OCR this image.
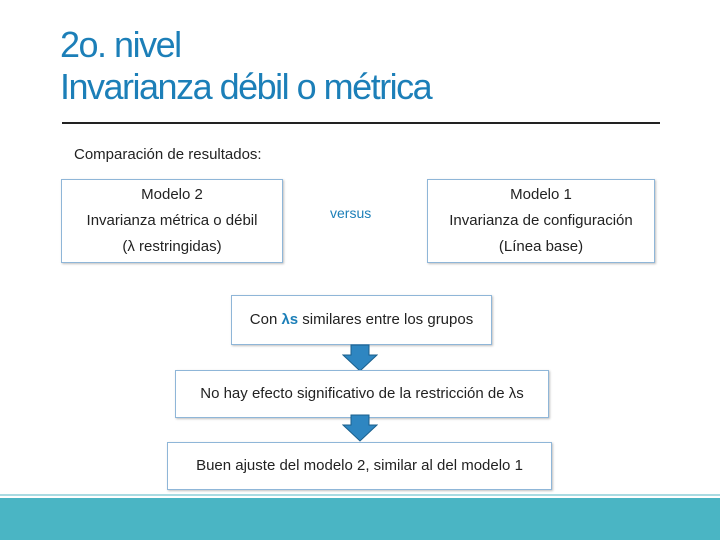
2o. nivel
Invarianza débil o métrica
Comparación de resultados:
Modelo 2
Invarianza métrica o débil
(λ restringidas)
versus
Modelo 1
Invarianza de configuración
(Línea base)
Con λs similares entre los grupos
No hay efecto significativo de la restricción de λs
Buen ajuste del modelo 2, similar al del modelo 1
